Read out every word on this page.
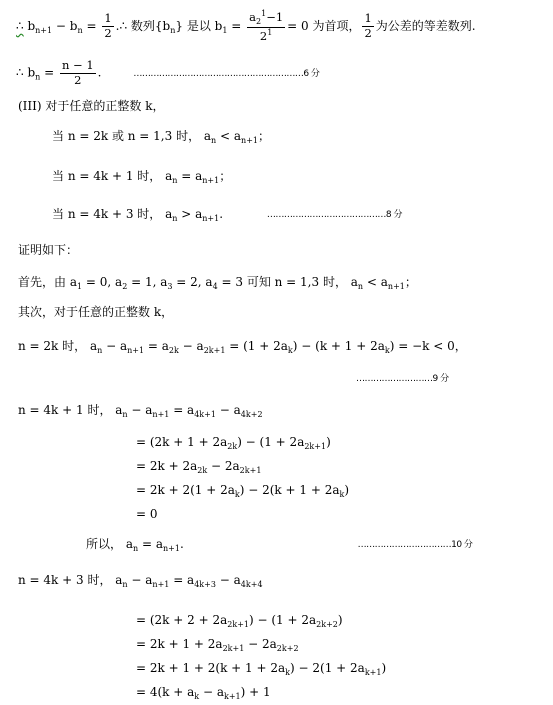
∴ $b_{n+1} - b_n = \frac{1}{2}$ .∴ 数列$\{b_n\}$ 是以 $b_1 = \frac{a_2^1-1}{2^1} = 0$ 为首项， $\frac{1}{2}$ 为公差的等差数列.
∴ $b_n = \frac{n - 1}{2}$ .	……………………………………………………6 分
(III) 对于任意的正整数 k，
当 n = 2k 或 n = 1,3 时， $a_n < a_{n+1}$；
当 n = 4k + 1 时， $a_n = a_{n+1}$；
当 n = 4k + 3 时， $a_n > a_{n+1}$.	……………………………………8 分
证明如下：
首先，由 $a_1 = 0$, $a_2 = 1$, $a_3 = 2$, $a_4 = 3$ 可知 n = 1,3 时， $a_n < a_{n+1}$；
其次，对于任意的正整数 k，
n = 2k 时， $a_n - a_{n+1} = a_{2k} - a_{2k+1} = (1 + 2a_k) - (k + 1 + 2a_k) = -k < 0$，
………………………9 分
n = 4k + 1 时， $a_n - a_{n+1} = a_{4k+1} - a_{4k+2}$
= $(2k + 1 + 2a_{2k}) - (1 + 2a_{2k+1})$
= $2k + 2a_{2k} - 2a_{2k+1}$
= $2k + 2(1 + 2a_k) - 2(k + 1 + 2a_k)$
= 0
所以， $a_n = a_{n+1}$.	……………………………10 分
n = 4k + 3 时， $a_n - a_{n+1} = a_{4k+3} - a_{4k+4}$
= $(2k + 2 + 2a_{2k+1}) - (1 + 2a_{2k+2})$
= $2k + 1 + 2a_{2k+1} - 2a_{2k+2}$
= $2k + 1 + 2(k + 1 + 2a_k) - 2(1 + 2a_{k+1})$
= $4(k + a_k - a_{k+1}) + 1$
